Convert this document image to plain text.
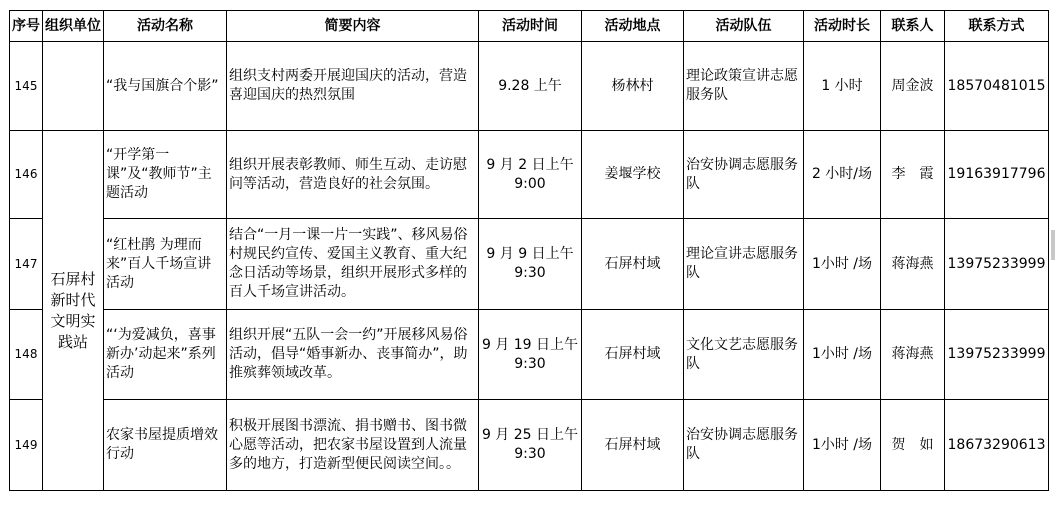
序号	组织单位	活动名称	简要内容	活动时间	活动地点	活动队伍	活动时长	联系人	联系方式
145		“我与国旗合个影”	组织支村两委开展迎国庆的活动，营造喜迎国庆的热烈氛围	9.28 上午	杨林村	理论政策宣讲志愿服务队	1 小时	周金波	18570481015
146	石屏村新时代文明实践站	“开学第一课”及“教师节”主题活动	组织开展表彰教师、师生互动、走访慰问等活动，营造良好的社会氛围。	9 月 2 日上午 9:00	姜堰学校	治安协调志愿服务队	2 小时/场	李　霞	19163917796
147		“红杜鹃 为理而来”百人千场宣讲活动	结合“一月一课一片一实践”、移风易俗村规民约宣传、爱国主义教育、重大纪念日活动等场景，组织开展形式多样的百人千场宣讲活动。	9 月 9 日上午 9:30	石屏村域	理论宣讲志愿服务队	1小时 /场	蒋海燕	13975233999
148		“‘为爱减负，喜事新办’动起来”系列活动	组织开展“五队一会一约”开展移风易俗活动，倡导“婚事新办、丧事简办”，助推殡葬领域改革。	9 月 19 日上午 9:30	石屏村域	文化文艺志愿服务队	1小时 /场	蒋海燕	13975233999
149		农家书屋提质增效行动	积极开展图书漂流、捐书赠书、图书微心愿等活动，把农家书屋设置到人流量多的地方，打造新型便民阅读空间。。	9 月 25 日上午 9:30	石屏村域	治安协调志愿服务队	1小时 /场	贺　如	18673290613
